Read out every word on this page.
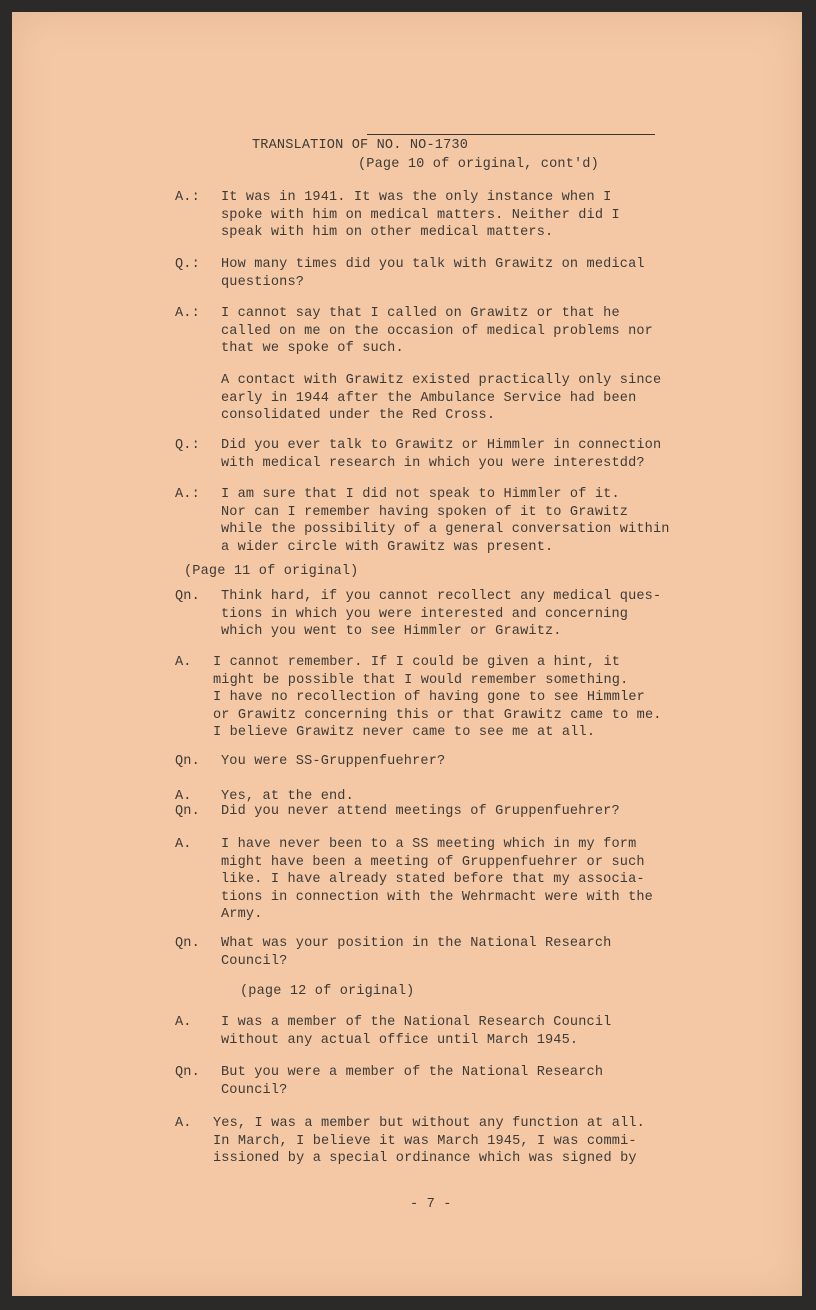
TRANSLATION OF NO. NO-1730
(Page 10 of original, cont'd)
A.: It was in 1941. It was the only instance when I
spoke with him on medical matters. Neither did I
speak with him on other medical matters.
Q.: How many times did you talk with Grawitz on medical
questions?
A.: I cannot say that I called on Grawitz or that he
called on me on the occasion of medical problems nor
that we spoke of such.
A contact with Grawitz existed practically only since
early in 1944 after the Ambulance Service had been
consolidated under the Red Cross.
Q.: Did you ever talk to Grawitz or Himmler in connection
with medical research in which you were interestdd?
A.: I am sure that I did not speak to Himmler of it.
Nor can I remember having spoken of it to Grawitz
while the possibility of a general conversation within
a wider circle with Grawitz was present.
(Page 11 of original)
Qn. Think hard, if you cannot recollect any medical ques-
tions in which you were interested and concerning
which you went to see Himmler or Grawitz.
A. I cannot remember. If I could be given a hint, it
might be possible that I would remember something.
I have no recollection of having gone to see Himmler
or Grawitz concerning this or that Grawitz came to me.
I believe Grawitz never came to see me at all.
Qn. You were SS-Gruppenfuehrer?
A. Yes, at the end.
Qn. Did you never attend meetings of Gruppenfuehrer?
A. I have never been to a SS meeting which in my form
might have been a meeting of Gruppenfuehrer or such
like. I have already stated before that my associa-
tions in connection with the Wehrmacht were with the
Army.
Qn. What was your position in the National Research
Council?
(page 12 of original)
A. I was a member of the National Research Council
without any actual office until March 1945.
Qn. But you were a member of the National Research
Council?
A. Yes, I was a member but without any function at all.
In March, I believe it was March 1945, I was commi-
issioned by a special ordinance which was signed by
- 7 -
